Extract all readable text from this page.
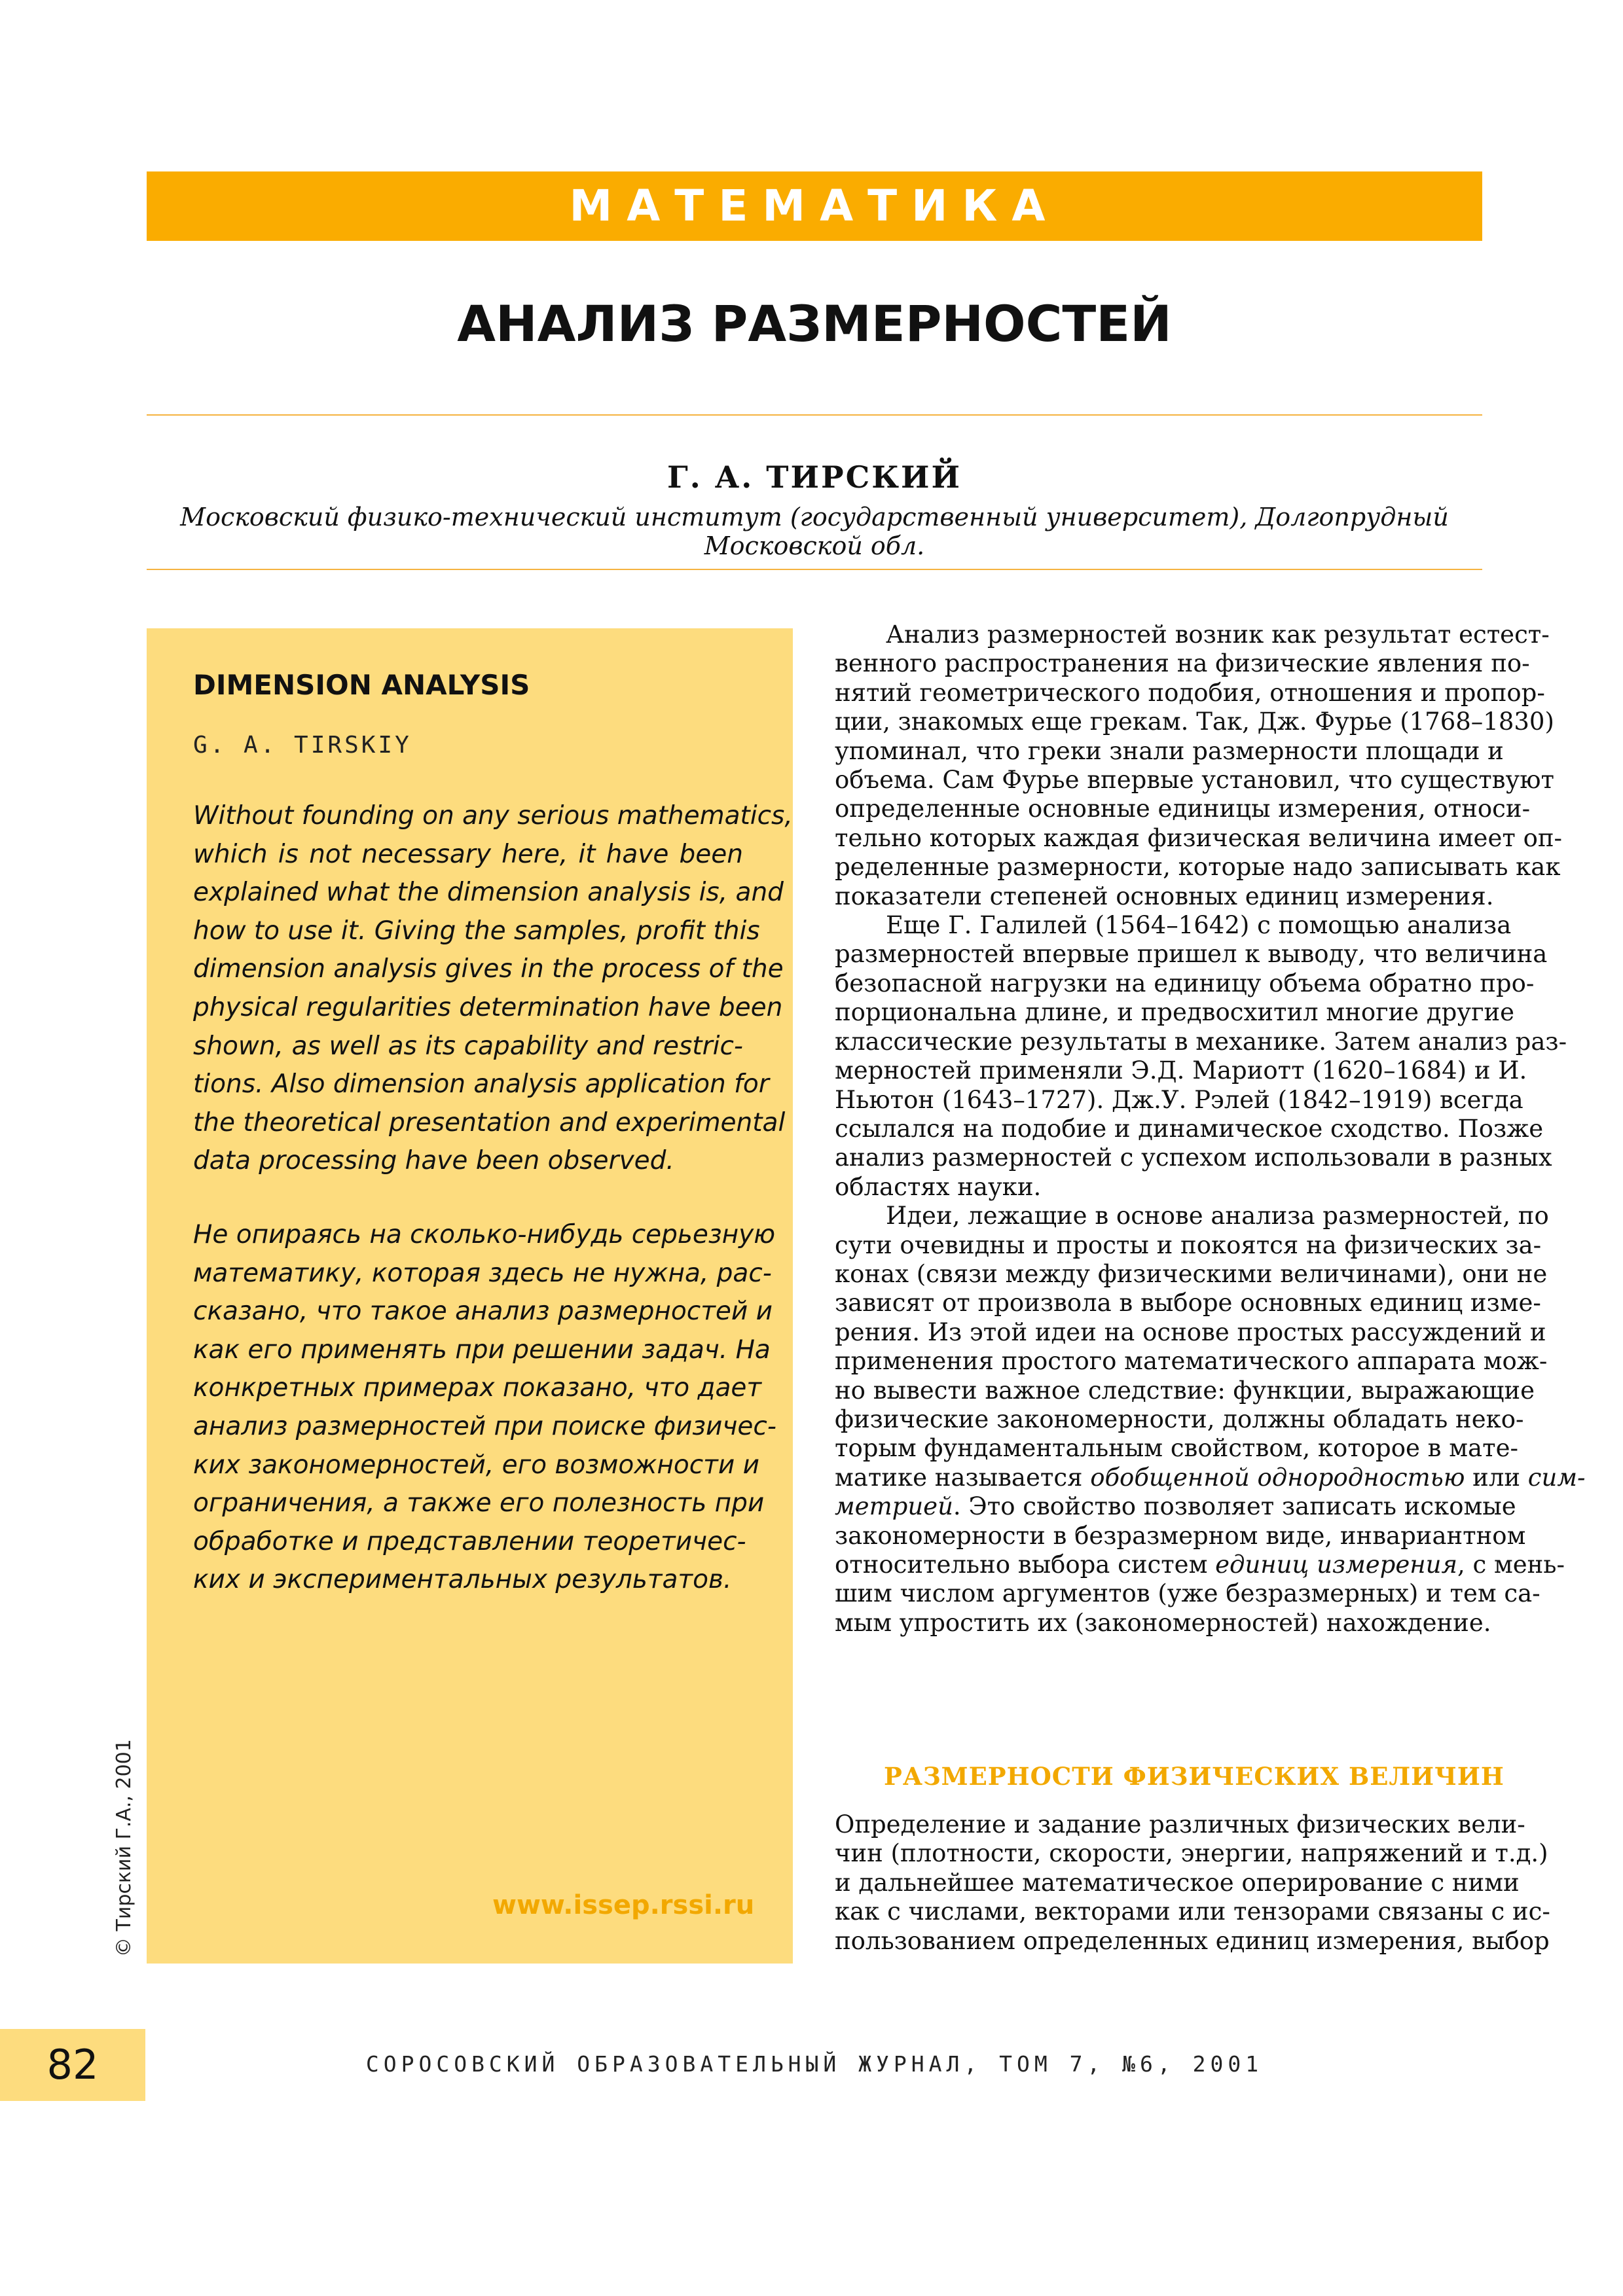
МАТЕМАТИКА
АНАЛИЗ РАЗМЕРНОСТЕЙ
Г. А. ТИРСКИЙ
Московский физико-технический институт (государственный университет), Долгопрудный Московской обл.
DIMENSION ANALYSIS
G. A. TIRSKIY
Without founding on any serious mathematics,
which is not necessary here, it have been
explained what the dimension analysis is, and
how to use it. Giving the samples, profit this
dimension analysis gives in the process of the
physical regularities determination have been
shown, as well as its capability and restric-
tions. Also dimension analysis application for
the theoretical presentation and experimental
data processing have been observed.
Не опираясь на сколько-нибудь серьезную
математику, которая здесь не нужна, рас-
сказано, что такое анализ размерностей и
как его применять при решении задач. На
конкретных примерах показано, что дает
анализ размерностей при поиске физичес-
ких закономерностей, его возможности и
ограничения, а также его полезность при
обработке и представлении теоретичес-
ких и экспериментальных результатов.
www.issep.rssi.ru
© Тирский Г.А., 2001
Анализ размерностей возник как результат естест-
венного распространения на физические явления по-
нятий геометрического подобия, отношения и пропор-
ции, знакомых еще грекам. Так, Дж. Фурье (1768–1830)
упоминал, что греки знали размерности площади и
объема. Сам Фурье впервые установил, что существуют
определенные основные единицы измерения, относи-
тельно которых каждая физическая величина имеет оп-
ределенные размерности, которые надо записывать как
показатели степеней основных единиц измерения.
Еще Г. Галилей (1564–1642) с помощью анализа
размерностей впервые пришел к выводу, что величина
безопасной нагрузки на единицу объема обратно про-
порциональна длине, и предвосхитил многие другие
классические результаты в механике. Затем анализ раз-
мерностей применяли Э.Д. Мариотт (1620–1684) и И.
Ньютон (1643–1727). Дж.У. Рэлей (1842–1919) всегда
ссылался на подобие и динамическое сходство. Позже
анализ размерностей с успехом использовали в разных
областях науки.
Идеи, лежащие в основе анализа размерностей, по
сути очевидны и просты и покоятся на физических за-
конах (связи между физическими величинами), они не
зависят от произвола в выборе основных единиц изме-
рения. Из этой идеи на основе простых рассуждений и
применения простого математического аппарата мож-
но вывести важное следствие: функции, выражающие
физические закономерности, должны обладать неко-
торым фундаментальным свойством, которое в мате-
матике называется обобщенной однородностью или сим-
метрией. Это свойство позволяет записать искомые
закономерности в безразмерном виде, инвариантном
относительно выбора систем единиц измерения, с мень-
шим числом аргументов (уже безразмерных) и тем са-
мым упростить их (закономерностей) нахождение.
РАЗМЕРНОСТИ ФИЗИЧЕСКИХ ВЕЛИЧИН
Определение и задание различных физических вели-
чин (плотности, скорости, энергии, напряжений и т.д.)
и дальнейшее математическое оперирование с ними
как с числами, векторами или тензорами связаны с ис-
пользованием определенных единиц измерения, выбор
82	СОРОСОВСКИЙ ОБРАЗОВАТЕЛЬНЫЙ ЖУРНАЛ, ТОМ 7, №6, 2001
